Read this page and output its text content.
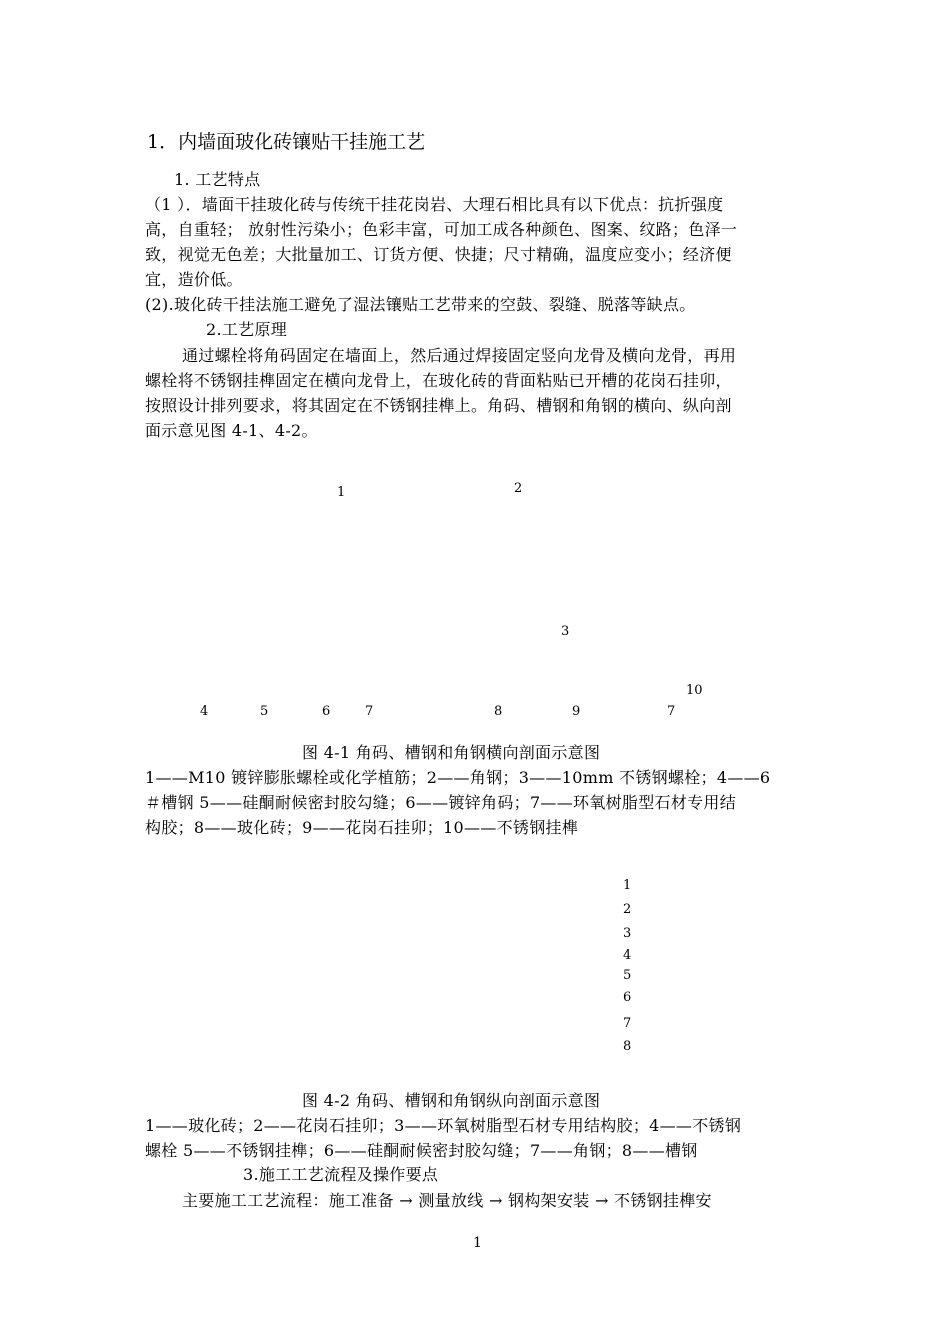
1．内墙面玻化砖镶贴干挂施工艺
1. 工艺特点
（1 ）．墙面干挂玻化砖与传统干挂花岗岩、大理石相比具有以下优点：抗折强度
高，自重轻； 放射性污染小；色彩丰富，可加工成各种颜色、图案、纹路；色泽一
致，视觉无色差；大批量加工、订货方便、快捷；尺寸精确，温度应变小；经济便
宜，造价低。
(2).玻化砖干挂法施工避免了湿法镶贴工艺带来的空鼓、裂缝、脱落等缺点。
2.工艺原理
通过螺栓将角码固定在墙面上，然后通过焊接固定竖向龙骨及横向龙骨，再用
螺栓将不锈钢挂榫固定在横向龙骨上，在玻化砖的背面粘贴已开槽的花岗石挂卯，
按照设计排列要求，将其固定在不锈钢挂榫上。角码、槽钢和角钢的横向、纵向剖
面示意见图 4-1、4-2。
1	2
3
10
4	5	6	7	8	9	7
图 4-1 角码、槽钢和角钢横向剖面示意图
1——M10 镀锌膨胀螺栓或化学植筋；2——角钢；3——10mm 不锈钢螺栓；4——6
＃槽钢 5——硅酮耐候密封胶勾缝；6——镀锌角码；7——环氧树脂型石材专用结
构胶；8——玻化砖；9——花岗石挂卯；10——不锈钢挂榫
1
2
3
4
5
6
7
8
图 4-2 角码、槽钢和角钢纵向剖面示意图
1——玻化砖；2——花岗石挂卯；3——环氧树脂型石材专用结构胶；4——不锈钢
螺栓 5——不锈钢挂榫；6——硅酮耐候密封胶勾缝；7——角钢；8——槽钢
3.施工工艺流程及操作要点
主要施工工艺流程：施工准备 → 测量放线 → 钢构架安装 → 不锈钢挂榫安
1
